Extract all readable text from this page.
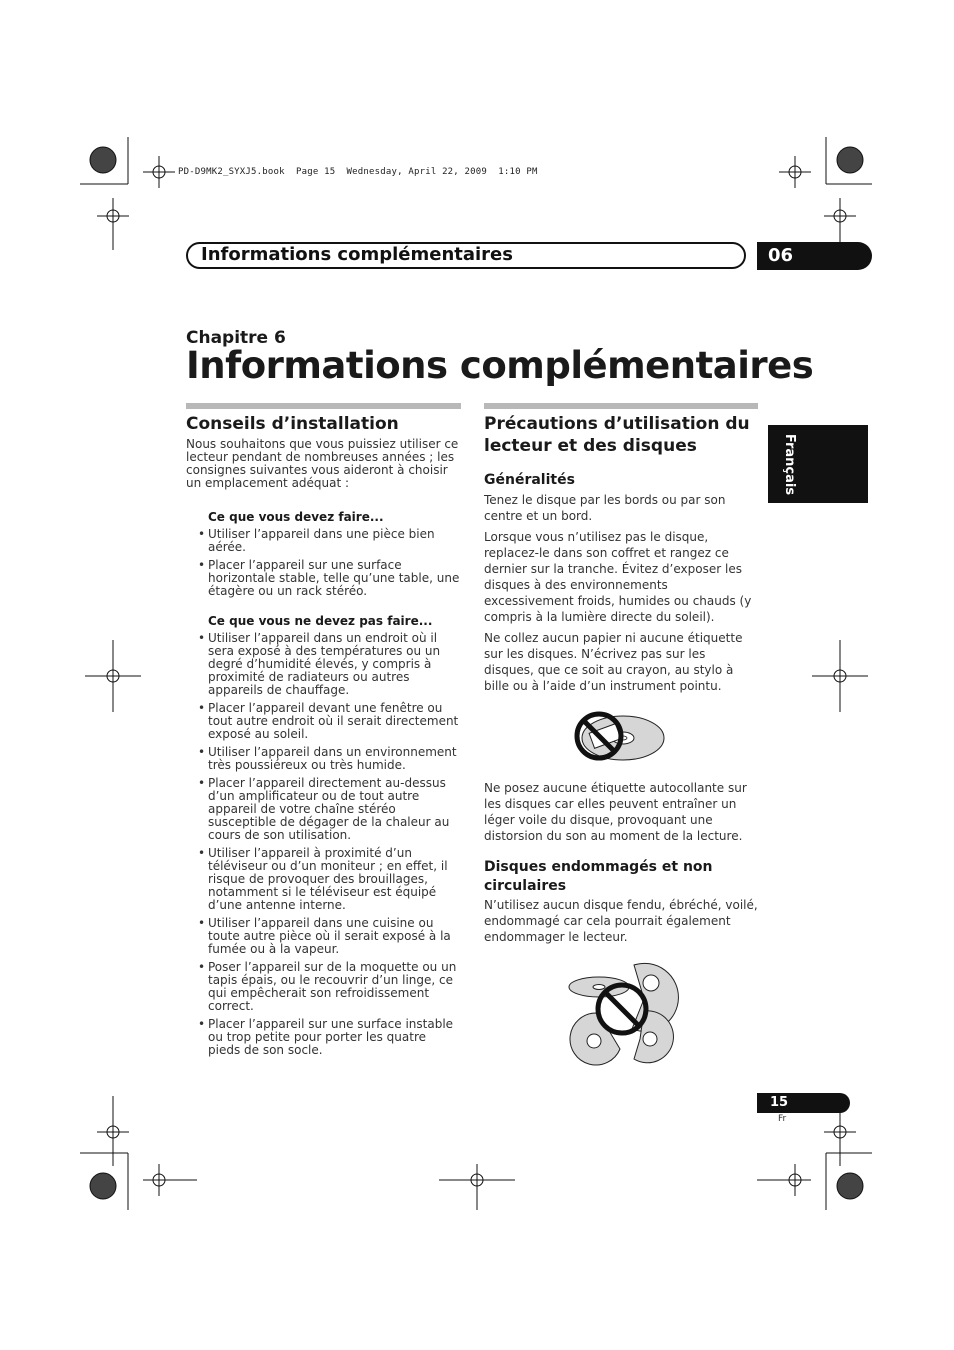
PD-D9MK2_SYXJ5.book  Page 15  Wednesday, April 22, 2009  1:10 PM
Informations complémentaires	06
Chapitre 6
Informations complémentaires
Français
Conseils d’installation
Nous souhaitons que vous puissiez utiliser ce lecteur pendant de nombreuses années ; les consignes suivantes vous aideront à choisir un emplacement adéquat :
Ce que vous devez faire...
• Utiliser l’appareil dans une pièce bien aérée.
• Placer l’appareil sur une surface horizontale stable, telle qu’une table, une étagère ou un rack stéréo.
Ce que vous ne devez pas faire...
• Utiliser l’appareil dans un endroit où il sera exposé à des températures ou un degré d’humidité élevés, y compris à proximité de radiateurs ou autres appareils de chauffage.
• Placer l’appareil devant une fenêtre ou tout autre endroit où il serait directement exposé au soleil.
• Utiliser l’appareil dans un environnement très poussiéreux ou très humide.
• Placer l’appareil directement au-dessus d’un amplificateur ou de tout autre appareil de votre chaîne stéréo susceptible de dégager de la chaleur au cours de son utilisation.
• Utiliser l’appareil à proximité d’un téléviseur ou d’un moniteur ; en effet, il risque de provoquer des brouillages, notamment si le téléviseur est équipé d’une antenne interne.
• Utiliser l’appareil dans une cuisine ou toute autre pièce où il serait exposé à la fumée ou à la vapeur.
• Poser l’appareil sur de la moquette ou un tapis épais, ou le recouvrir d’un linge, ce qui empêcherait son refroidissement correct.
• Placer l’appareil sur une surface instable ou trop petite pour porter les quatre pieds de son socle.
Précautions d’utilisation du lecteur et des disques
Généralités
Tenez le disque par les bords ou par son centre et un bord.
Lorsque vous n’utilisez pas le disque, replacez-le dans son coffret et rangez ce dernier sur la tranche. Évitez d’exposer les disques à des environnements excessivement froids, humides ou chauds (y compris à la lumière directe du soleil).
Ne collez aucun papier ni aucune étiquette sur les disques. N’écrivez pas sur les disques, que ce soit au crayon, au stylo à bille ou à l’aide d’un instrument pointu.
Ne posez aucune étiquette autocollante sur les disques car elles peuvent entraîner un léger voile du disque, provoquant une distorsion du son au moment de la lecture.
Disques endommagés et non circulaires
N’utilisez aucun disque fendu, ébréché, voilé, endommagé car cela pourrait également endommager le lecteur.
15
Fr
